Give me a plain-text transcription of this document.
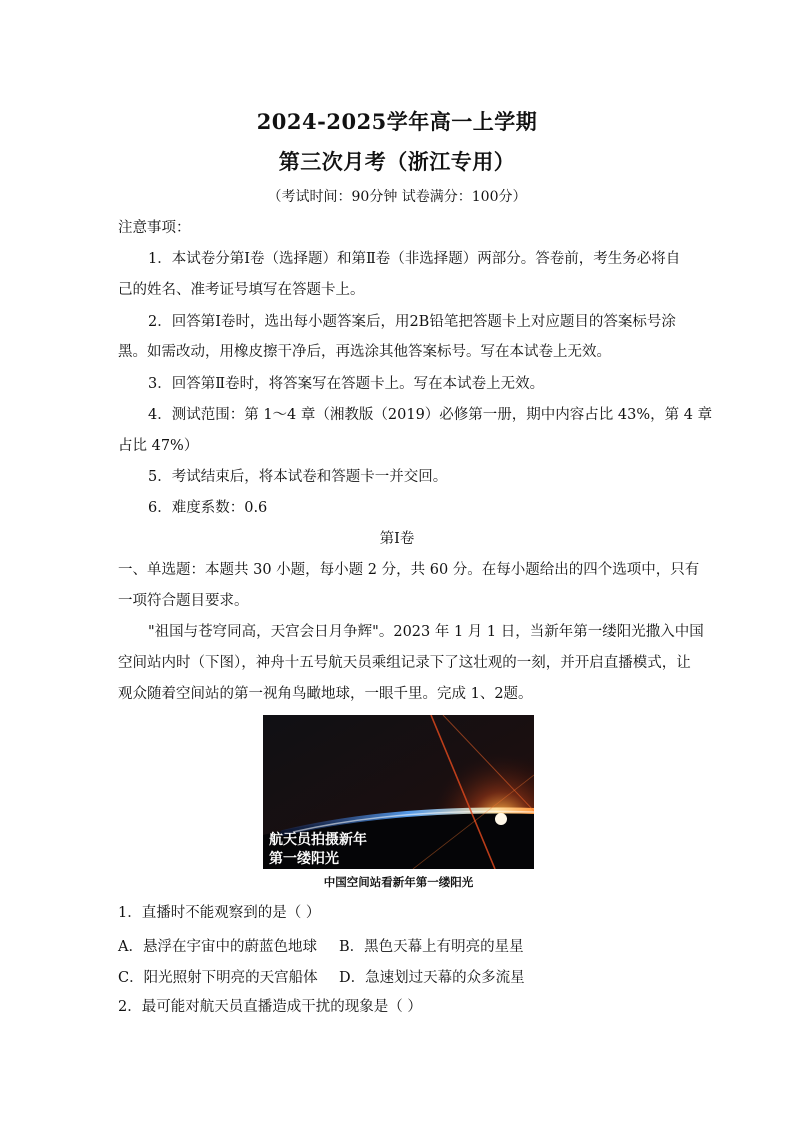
2024-2025学年高一上学期
第三次月考（浙江专用）
（考试时间：90分钟 试卷满分：100分）
注意事项：
1．本试卷分第Ⅰ卷（选择题）和第Ⅱ卷（非选择题）两部分。答卷前，考生务必将自
己的姓名、准考证号填写在答题卡上。
2．回答第Ⅰ卷时，选出每小题答案后，用2B铅笔把答题卡上对应题目的答案标号涂
黑。如需改动，用橡皮擦干净后，再选涂其他答案标号。写在本试卷上无效。
3．回答第Ⅱ卷时，将答案写在答题卡上。写在本试卷上无效。
4．测试范围：第 1～4 章（湘教版（2019）必修第一册，期中内容占比 43%，第 4 章
占比 47%）
5．考试结束后，将本试卷和答题卡一并交回。
6．难度系数：0.6
第Ⅰ卷
一、单选题：本题共 30 小题，每小题 2 分，共 60 分。在每小题给出的四个选项中，只有
一项符合题目要求。
"祖国与苍穹同高，天宫会日月争辉"。2023 年 1 月 1 日，当新年第一缕阳光撒入中国
空间站内时（下图），神舟十五号航天员乘组记录下了这壮观的一刻，并开启直播模式，让
观众随着空间站的第一视角鸟瞰地球，一眼千里。完成 1、2题。
航天员拍摄新年
第一缕阳光
中国空间站看新年第一缕阳光
1．直播时不能观察到的是（ ）
A．悬浮在宇宙中的蔚蓝色地球 B．黑色天幕上有明亮的星星
C．阳光照射下明亮的天宫船体 D．急速划过天幕的众多流星
2．最可能对航天员直播造成干扰的现象是（ ）
